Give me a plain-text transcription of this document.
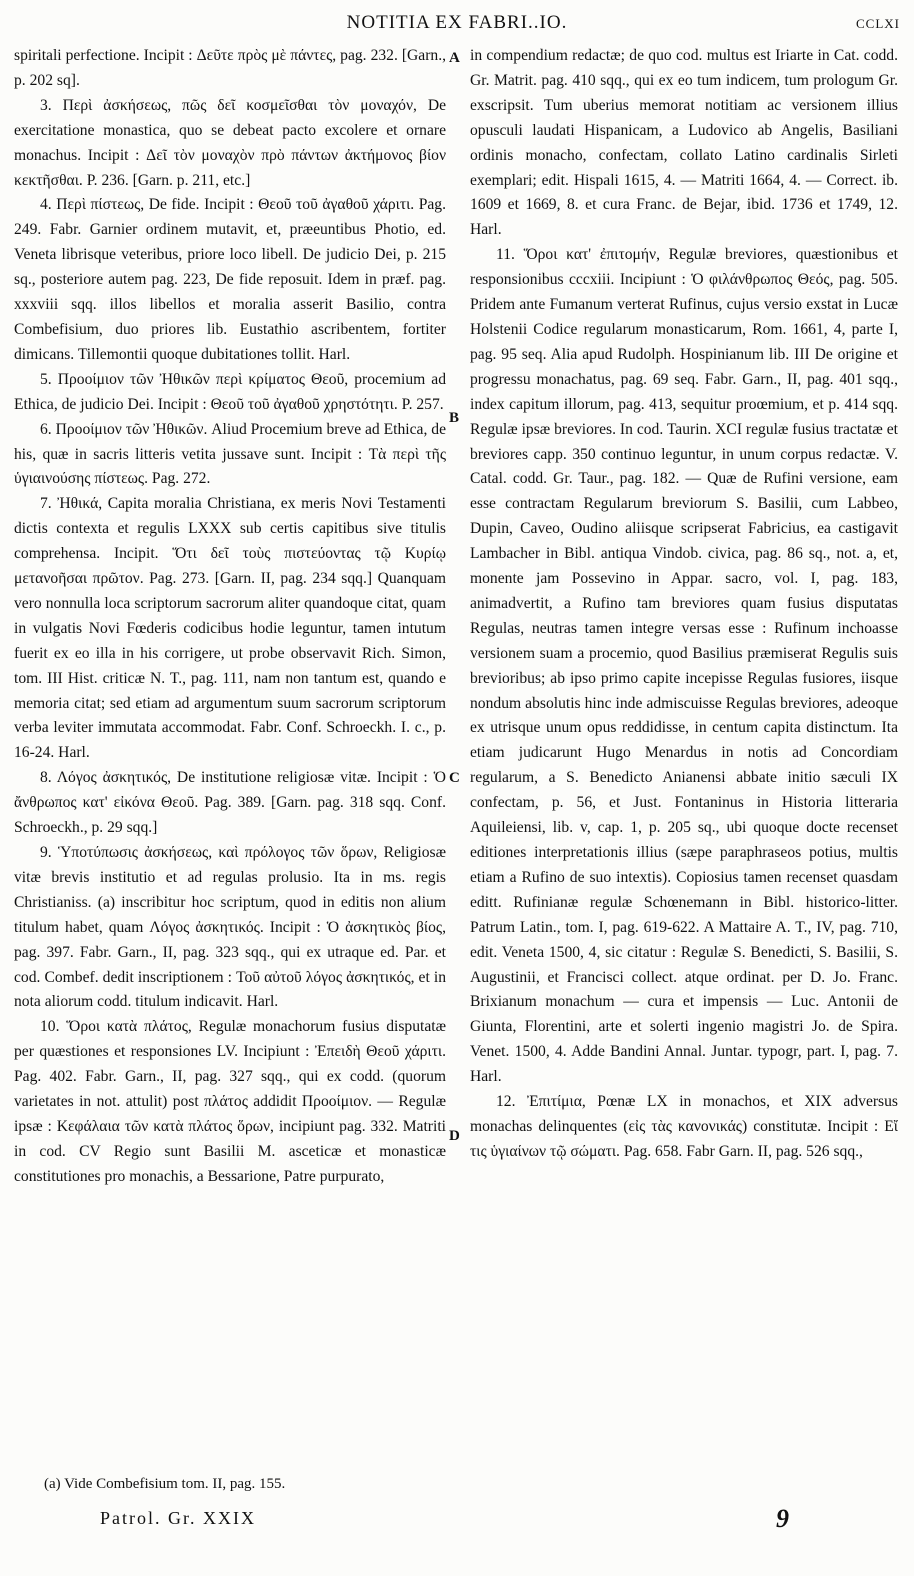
NOTITIA EX FABRI..IO.	CCLXI

spiritali perfectione. Incipit : Δεῦτε πρὸς μὲ πάντες, pag. 232. [Garn., p. 202 sq].

3. Περὶ ἀσκήσεως, πῶς δεῖ κοσμεῖσθαι τὸν μοναχόν, De exercitatione monastica, quo se debeat pacto excolere et ornare monachus. Incipit : Δεῖ τὸν μοναχὸν πρὸ πάντων ἀκτήμονος βίον κεκτῆσθαι. P. 236. [Garn. p. 211, etc.]

4. Περὶ πίστεως, De fide. Incipit : Θεοῦ τοῦ ἀγαθοῦ χάριτι. Pag. 249. Fabr. Garnier ordinem mutavit, et, præeuntibus Photio, ed. Veneta librisque veteribus, priore loco libell. De judicio Dei, p. 215 sq., posteriore autem pag. 223, De fide reposuit. Idem in præf. pag. xxxviii sqq. illos libellos et moralia asserit Basilio, contra Combefisium, duo priores lib. Eustathio ascribentem, fortiter dimicans. Tillemontii quoque dubitationes tollit. Harl.

5. Προοίμιον τῶν Ἠθικῶν περὶ κρίματος Θεοῦ, procemium ad Ethica, de judicio Dei. Incipit : Θεοῦ τοῦ ἀγαθοῦ χρηστότητι. P. 257.

6. Προοίμιον τῶν Ἠθικῶν. Aliud Procemium breve ad Ethica, de his, quæ in sacris litteris vetita jussave sunt. Incipit : Τὰ περὶ τῆς ὑγιαινούσης πίστεως. Pag. 272.

7. Ἠθικά, Capita moralia Christiana, ex meris Novi Testamenti dictis contexta et regulis LXXX sub certis capitibus sive titulis comprehensa. Incipit. Ὅτι δεῖ τοὺς πιστεύοντας τῷ Κυρίῳ μετανοῆσαι πρῶτον. Pag. 273. [Garn. II, pag. 234 sqq.] Quanquam vero nonnulla loca scriptorum sacrorum aliter quandoque citat, quam in vulgatis Novi Fœderis codicibus hodie leguntur, tamen intutum fuerit ex eo illa in his corrigere, ut probe observavit Rich. Simon, tom. III Hist. criticæ N. T., pag. 111, nam non tantum est, quando e memoria citat; sed etiam ad argumentum suum sacrorum scriptorum verba leviter immutata accommodat. Fabr. Conf. Schroeckh. I. c., p. 16-24. Harl.

8. Λόγος ἀσκητικός, De institutione religiosæ vitæ. Incipit : Ὁ ἄνθρωπος κατ' εἰκόνα Θεοῦ. Pag. 389. [Garn. pag. 318 sqq. Conf. Schroeckh., p. 29 sqq.]

9. Ὑποτύπωσις ἀσκήσεως, καὶ πρόλογος τῶν ὅρων, Religiosæ vitæ brevis institutio et ad regulas prolusio. Ita in ms. regis Christianiss. (a) inscribitur hoc scriptum, quod in editis non alium titulum habet, quam Λόγος ἀσκητικός. Incipit : Ὁ ἀσκητικὸς βίος, pag. 397. Fabr. Garn., II, pag. 323 sqq., qui ex utraque ed. Par. et cod. Combef. dedit inscriptionem : Τοῦ αὐτοῦ λόγος ἀσκητικός, et in nota aliorum codd. titulum indicavit. Harl.

10. Ὅροι κατὰ πλάτος, Regulæ monachorum fusius disputatæ per quæstiones et responsiones LV. Incipiunt : Ἐπειδὴ Θεοῦ χάριτι. Pag. 402. Fabr. Garn., II, pag. 327 sqq., qui ex codd. (quorum varietates in not. attulit) post πλάτος addidit Προοίμιον. — Regulæ ipsæ : Κεφάλαια τῶν κατὰ πλάτος ὅρων, incipiunt pag. 332. Matriti in cod. CV Regio sunt Basilii M. asceticæ et monasticæ constitutiones pro monachis, a Bessarione, Patre purpurato,

A
B
C
D

in compendium redactæ; de quo cod. multus est Iriarte in Cat. codd. Gr. Matrit. pag. 410 sqq., qui ex eo tum indicem, tum prologum Gr. exscripsit. Tum uberius memorat notitiam ac versionem illius opusculi laudati Hispanicam, a Ludovico ab Angelis, Basiliani ordinis monacho, confectam, collato Latino cardinalis Sirleti exemplari; edit. Hispali 1615, 4. — Matriti 1664, 4. — Correct. ib. 1609 et 1669, 8. et cura Franc. de Bejar, ibid. 1736 et 1749, 12. Harl.

11. Ὅροι κατ' ἐπιτομήν, Regulæ breviores, quæstionibus et responsionibus cccxiii. Incipiunt : Ὁ φιλάνθρωπος Θεός, pag. 505. Pridem ante Fumanum verterat Rufinus, cujus versio exstat in Lucæ Holstenii Codice regularum monasticarum, Rom. 1661, 4, parte I, pag. 95 seq. Alia apud Rudolph. Hospinianum lib. III De origine et progressu monachatus, pag. 69 seq. Fabr. Garn., II, pag. 401 sqq., index capitum illorum, pag. 413, sequitur proœmium, et p. 414 sqq. Regulæ ipsæ breviores. In cod. Taurin. XCI regulæ fusius tractatæ et breviores capp. 350 continuo leguntur, in unum corpus redactæ. V. Catal. codd. Gr. Taur., pag. 182. — Quæ de Rufini versione, eam esse contractam Regularum breviorum S. Basilii, cum Labbeo, Dupin, Caveo, Oudino aliisque scripserat Fabricius, ea castigavit Lambacher in Bibl. antiqua Vindob. civica, pag. 86 sq., not. a, et, monente jam Possevino in Appar. sacro, vol. I, pag. 183, animadvertit, a Rufino tam breviores quam fusius disputatas Regulas, neutras tamen integre versas esse : Rufinum inchoasse versionem suam a procemio, quod Basilius præmiserat Regulis suis brevioribus; ab ipso primo capite incepisse Regulas fusiores, iisque nondum absolutis hinc inde admiscuisse Regulas breviores, adeoque ex utrisque unum opus reddidisse, in centum capita distinctum. Ita etiam judicarunt Hugo Menardus in notis ad Concordiam regularum, a S. Benedicto Anianensi abbate initio sæculi IX confectam, p. 56, et Just. Fontaninus in Historia litteraria Aquileiensi, lib. v, cap. 1, p. 205 sq., ubi quoque docte recenset editiones interpretationis illius (sæpe paraphraseos potius, multis etiam a Rufino de suo intextis). Copiosius tamen recenset quasdam editt. Rufinianæ regulæ Schœnemann in Bibl. historico-litter. Patrum Latin., tom. I, pag. 619-622. A Mattaire A. T., IV, pag. 710, edit. Veneta 1500, 4, sic citatur : Regulæ S. Benedicti, S. Basilii, S. Augustinii, et Francisci collect. atque ordinat. per D. Jo. Franc. Brixianum monachum — cura et impensis — Luc. Antonii de Giunta, Florentini, arte et solerti ingenio magistri Jo. de Spira. Venet. 1500, 4. Adde Bandini Annal. Juntar. typogr, part. I, pag. 7. Harl.

12. Ἐπιτίμια, Pœnæ LX in monachos, et XIX adversus monachas delinquentes (εἰς τὰς κανονικάς) constitutæ. Incipit : Εἴ τις ὑγιαίνων τῷ σώματι. Pag. 658. Fabr Garn. II, pag. 526 sqq.,

(a) Vide Combefisium tom. II, pag. 155.
Patrol. Gr. XXIX	9
